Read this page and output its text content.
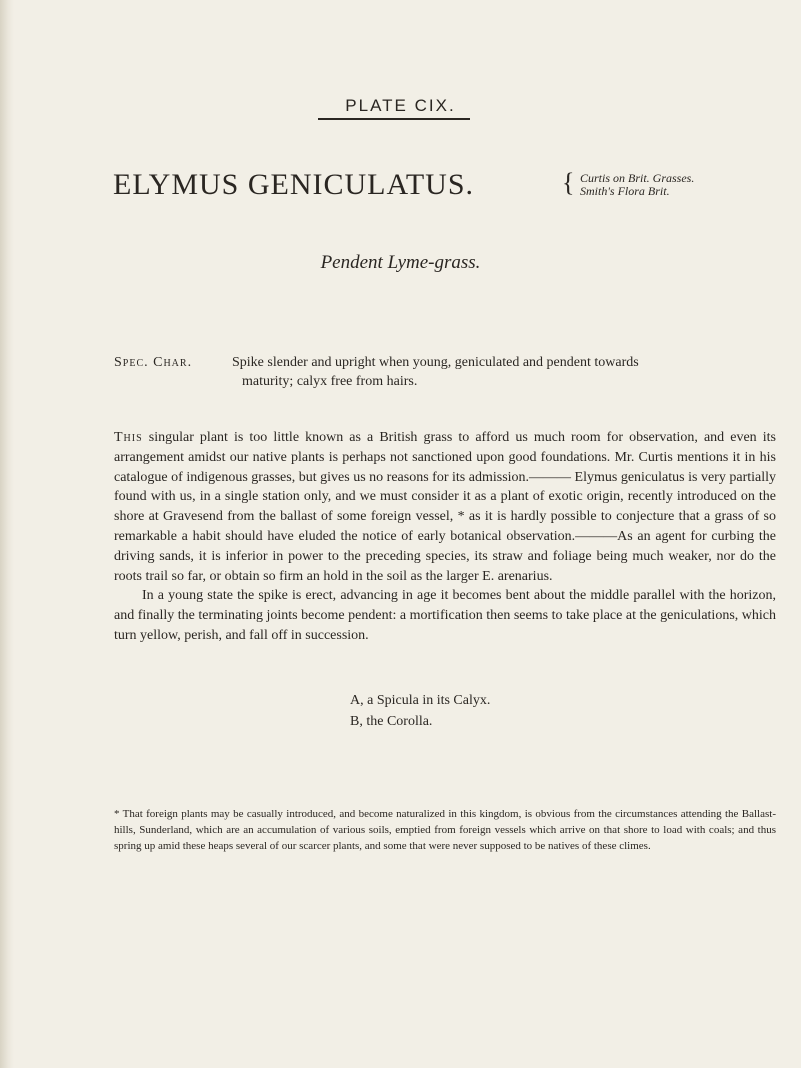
PLATE CIX.
ELYMUS GENICULATUS.	{ Curtis on Brit. Grasses.
Smith's Flora Brit.
Pendent Lyme-grass.
Spec. Char.	Spike slender and upright when young, geniculated and pendent towards
maturity; calyx free from hairs.

This singular plant is too little known as a British grass to afford us much room for observation, and even its arrangement amidst our native plants is perhaps not sanctioned upon good foundations. Mr. Curtis mentions it in his catalogue of indigenous grasses, but gives us no reasons for its admission.——— Elymus geniculatus is very partially found with us, in a single station only, and we must consider it as a plant of exotic origin, recently introduced on the shore at Gravesend from the ballast of some foreign vessel, * as it is hardly possible to conjecture that a grass of so remarkable a habit should have eluded the notice of early botanical observation.———As an agent for curbing the driving sands, it is inferior in power to the preceding species, its straw and foliage being much weaker, nor do the roots trail so far, or obtain so firm an hold in the soil as the larger E. arenarius.

In a young state the spike is erect, advancing in age it becomes bent about the middle parallel with the horizon, and finally the terminating joints become pendent: a mortification then seems to take place at the geniculations, which turn yellow, perish, and fall off in succession.

A, a Spicula in its Calyx.
B, the Corolla.
* That foreign plants may be casually introduced, and become naturalized in this kingdom, is obvious from the circumstances attending the Ballast-hills, Sunderland, which are an accumulation of various soils, emptied from foreign vessels which arrive on that shore to load with coals; and thus spring up amid these heaps several of our scarcer plants, and some that were never supposed to be natives of these climes.
